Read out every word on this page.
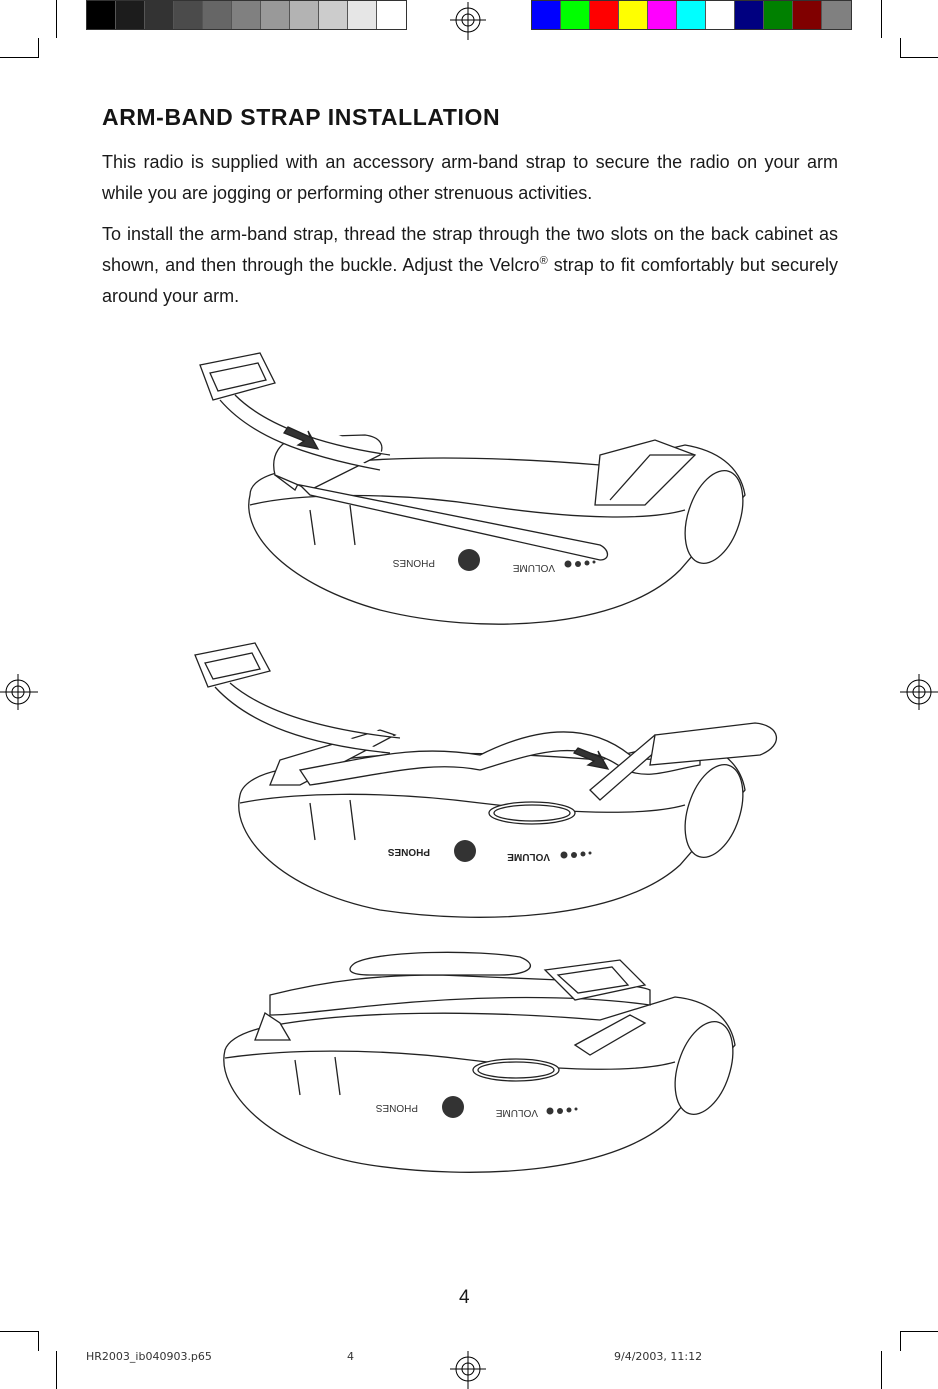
ARM-BAND STRAP INSTALLATION

This radio is supplied with an accessory arm-band strap to secure the radio on your arm while you are jogging or performing other strenuous activities.

To install the arm-band strap, thread the strap through the two slots on the back cabinet as shown, and then through the buckle. Adjust the Velcro® strap to fit comfortably but securely around your arm.

PHONES	VOLUME
PHONES	VOLUME
PHONES	VOLUME
4
HR2003_ib040903.p65	4	9/4/2003, 11:12
